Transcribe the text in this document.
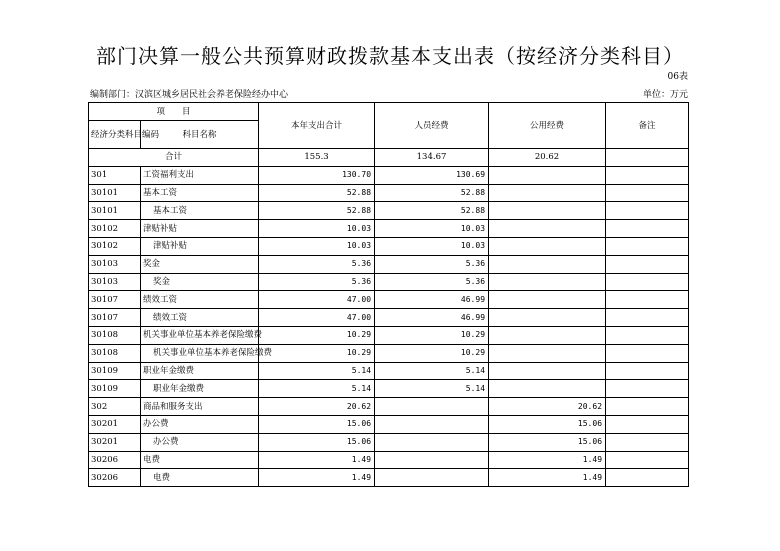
部门决算一般公共预算财政拨款基本支出表（按经济分类科目）
06表
编制部门：汉滨区城乡居民社会养老保险经办中心	单位：万元
项　　目		本年支出合计	人员经费	公用经费	备注
经济分类科目编码	科目名称				
合计		155.3	134.67	20.62	
301	工资福利支出	130.70	130.69		
30101	基本工资	52.88	52.88		
30101	基本工资	52.88	52.88		
30102	津贴补贴	10.03	10.03		
30102	津贴补贴	10.03	10.03		
30103	奖金	5.36	5.36		
30103	奖金	5.36	5.36		
30107	绩效工资	47.00	46.99		
30107	绩效工资	47.00	46.99		
30108	机关事业单位基本养老保险缴费	10.29	10.29		
30108	机关事业单位基本养老保险缴费	10.29	10.29		
30109	职业年金缴费	5.14	5.14		
30109	职业年金缴费	5.14	5.14		
302	商品和服务支出	20.62		20.62	
30201	办公费	15.06		15.06	
30201	办公费	15.06		15.06	
30206	电费	1.49		1.49	
30206	电费	1.49		1.49	
